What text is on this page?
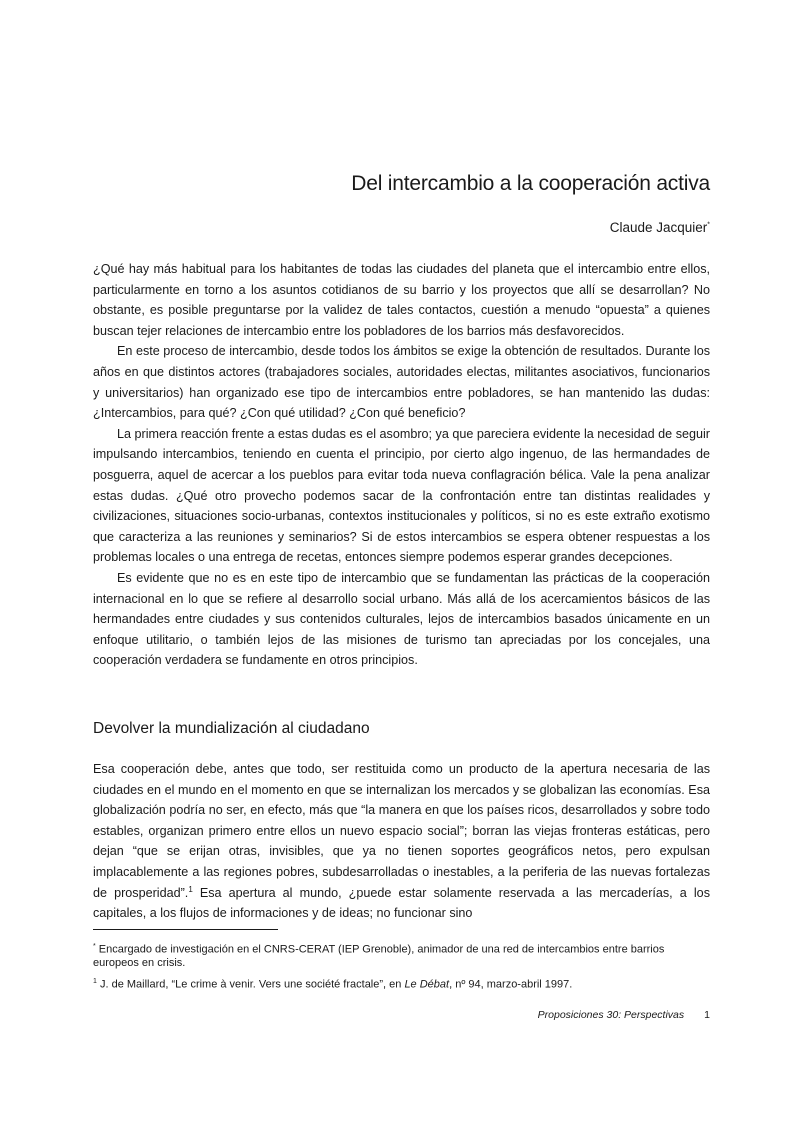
Del intercambio a la cooperación activa

Claude Jacquier*

¿Qué hay más habitual para los habitantes de todas las ciudades del planeta que el intercambio entre ellos, particularmente en torno a los asuntos cotidianos de su barrio y los proyectos que allí se desarrollan? No obstante, es posible preguntarse por la validez de tales contactos, cuestión a menudo “opuesta” a quienes buscan tejer relaciones de intercambio entre los pobladores de los barrios más desfavorecidos.

En este proceso de intercambio, desde todos los ámbitos se exige la obtención de resultados. Durante los años en que distintos actores (trabajadores sociales, autoridades electas, militantes asociativos, funcionarios y universitarios) han organizado ese tipo de intercambios entre pobladores, se han mantenido las dudas: ¿Intercambios, para qué? ¿Con qué utilidad? ¿Con qué beneficio?

La primera reacción frente a estas dudas es el asombro; ya que pareciera evidente la necesidad de seguir impulsando intercambios, teniendo en cuenta el principio, por cierto algo ingenuo, de las hermandades de posguerra, aquel de acercar a los pueblos para evitar toda nueva conflagración bélica. Vale la pena analizar estas dudas. ¿Qué otro provecho podemos sacar de la confrontación entre tan distintas realidades y civilizaciones, situaciones socio-urbanas, contextos institucionales y políticos, si no es este extraño exotismo que caracteriza a las reuniones y seminarios? Si de estos intercambios se espera obtener respuestas a los problemas locales o una entrega de recetas, entonces siempre podemos esperar grandes decepciones.

Es evidente que no es en este tipo de intercambio que se fundamentan las prácticas de la cooperación internacional en lo que se refiere al desarrollo social urbano. Más allá de los acercamientos básicos de las hermandades entre ciudades y sus contenidos culturales, lejos de intercambios basados únicamente en un enfoque utilitario, o también lejos de las misiones de turismo tan apreciadas por los concejales, una cooperación verdadera se fundamente en otros principios.

Devolver la mundialización al ciudadano

Esa cooperación debe, antes que todo, ser restituida como un producto de la apertura necesaria de las ciudades en el mundo en el momento en que se internalizan los mercados y se globalizan las economías. Esa globalización podría no ser, en efecto, más que “la manera en que los países ricos, desarrollados y sobre todo estables, organizan primero entre ellos un nuevo espacio social”; borran las viejas fronteras estáticas, pero dejan “que se erijan otras, invisibles, que ya no tienen soportes geográficos netos, pero expulsan implacablemente a las regiones pobres, subdesarrolladas o inestables, a la periferia de las nuevas fortalezas de prosperidad”.$^1$ Esa apertura al mundo, ¿puede estar solamente reservada a las mercaderías, a los capitales, a los flujos de informaciones y de ideas; no funcionar sino

* Encargado de investigación en el CNRS-CERAT (IEP Grenoble), animador de una red de intercambios entre barrios europeos en crisis.

$^1$ J. de Maillard, “Le crime à venir. Vers une société fractale”, en Le Débat, nº 94, marzo-abril 1997.

Proposiciones 30: Perspectivas 1
